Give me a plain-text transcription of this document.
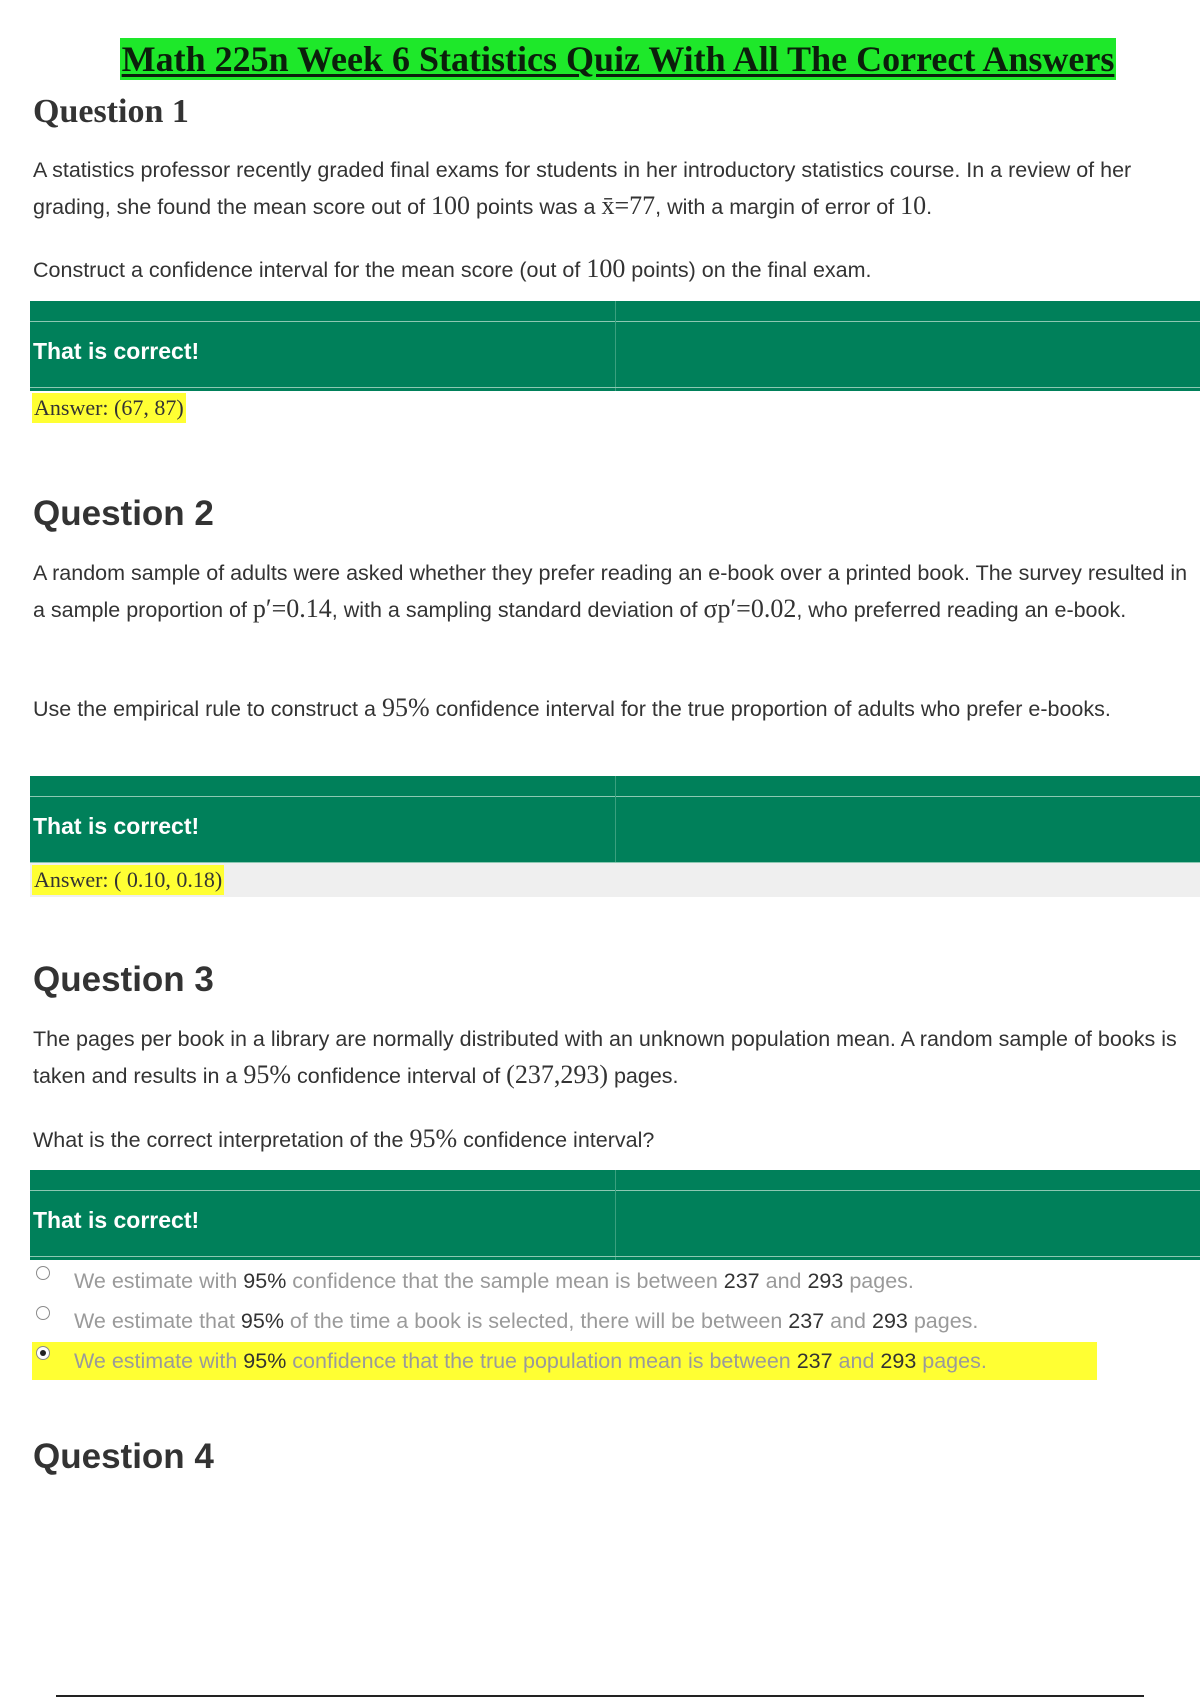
Math 225n Week 6 Statistics Quiz With All The Correct Answers
Question 1

A statistics professor recently graded final exams for students in her introductory statistics course. In a review of her grading, she found the mean score out of 100 points was a x̄=77, with a margin of error of 10.

Construct a confidence interval for the mean score (out of 100 points) on the final exam.

That is correct!
Answer: (67, 87)
Question 2

A random sample of adults were asked whether they prefer reading an e-book over a printed book. The survey resulted in a sample proportion of p′=0.14, with a sampling standard deviation of σp′=0.02, who preferred reading an e-book.

Use the empirical rule to construct a 95% confidence interval for the true proportion of adults who prefer e-books.

That is correct!
Answer: ( 0.10, 0.18)
Question 3

The pages per book in a library are normally distributed with an unknown population mean. A random sample of books is taken and results in a 95% confidence interval of (237,293) pages.

What is the correct interpretation of the 95% confidence interval?

That is correct!
We estimate with 95% confidence that the sample mean is between 237 and 293 pages.
We estimate that 95% of the time a book is selected, there will be between 237 and 293 pages.
We estimate with 95% confidence that the true population mean is between 237 and 293 pages.
Question 4
